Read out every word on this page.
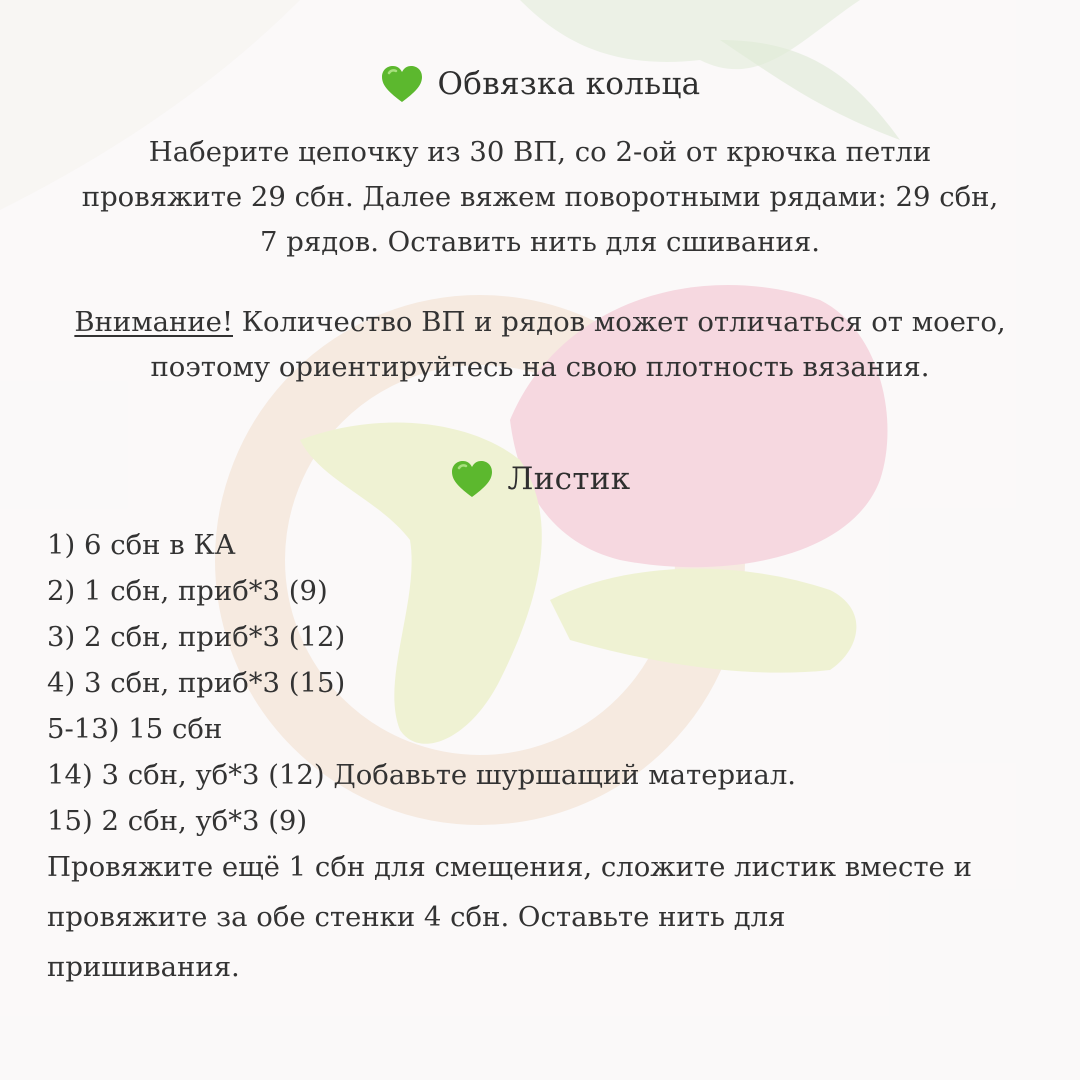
Обвязка кольца
Наберите цепочку из 30 ВП, со 2-ой от крючка петли
провяжите 29 сбн. Далее вяжем поворотными рядами: 29 сбн,
7 рядов. Оставить нить для сшивания.
Внимание! Количество ВП и рядов может отличаться от моего,
поэтому ориентируйтесь на свою плотность вязания.
Листик
1) 6 сбн в КА
2) 1 сбн, приб*3 (9)
3) 2 сбн, приб*3 (12)
4) 3 сбн, приб*3 (15)
5-13) 15 сбн
14) 3 сбн, уб*3 (12) Добавьте шуршащий материал.
15) 2 сбн, уб*3 (9)
Провяжите ещё 1 сбн для смещения, сложите листик вместе и
провяжите за обе стенки 4 сбн. Оставьте нить для
пришивания.
